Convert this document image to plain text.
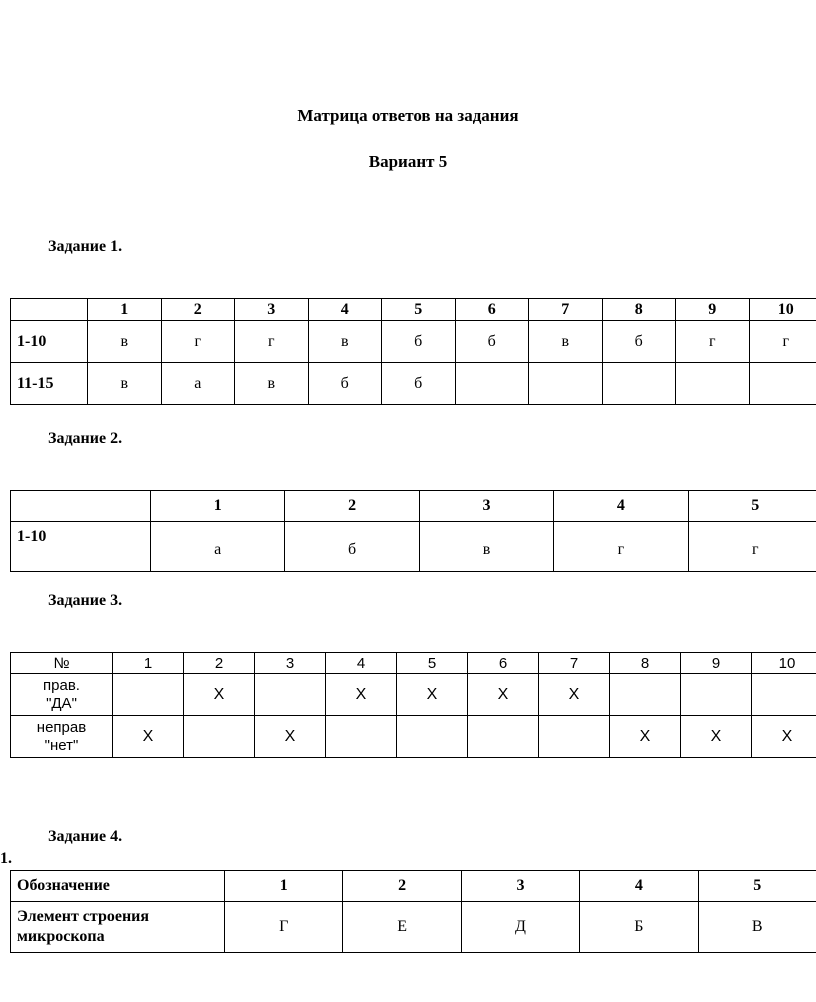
Матрица ответов на задания
Вариант 5
Задание 1.
	1	2	3	4	5	6	7	8	9	10
1-10	в	г	г	в	б	б	в	б	г	г
11-15	в	а	в	б	б					
Задание 2.
	1	2	3	4	5
1-10	а	б	в	г	г
Задание 3.
№	1	2	3	4	5	6	7	8	9	10

прав.
"ДА"		Х		Х	Х	Х	Х			

неправ
"нет"	Х		Х					Х	Х	Х
Задание 4.
1.
Обозначение	1	2	3	4	5

Элемент строения
микроскопа	Г	Е	Д	Б	В
